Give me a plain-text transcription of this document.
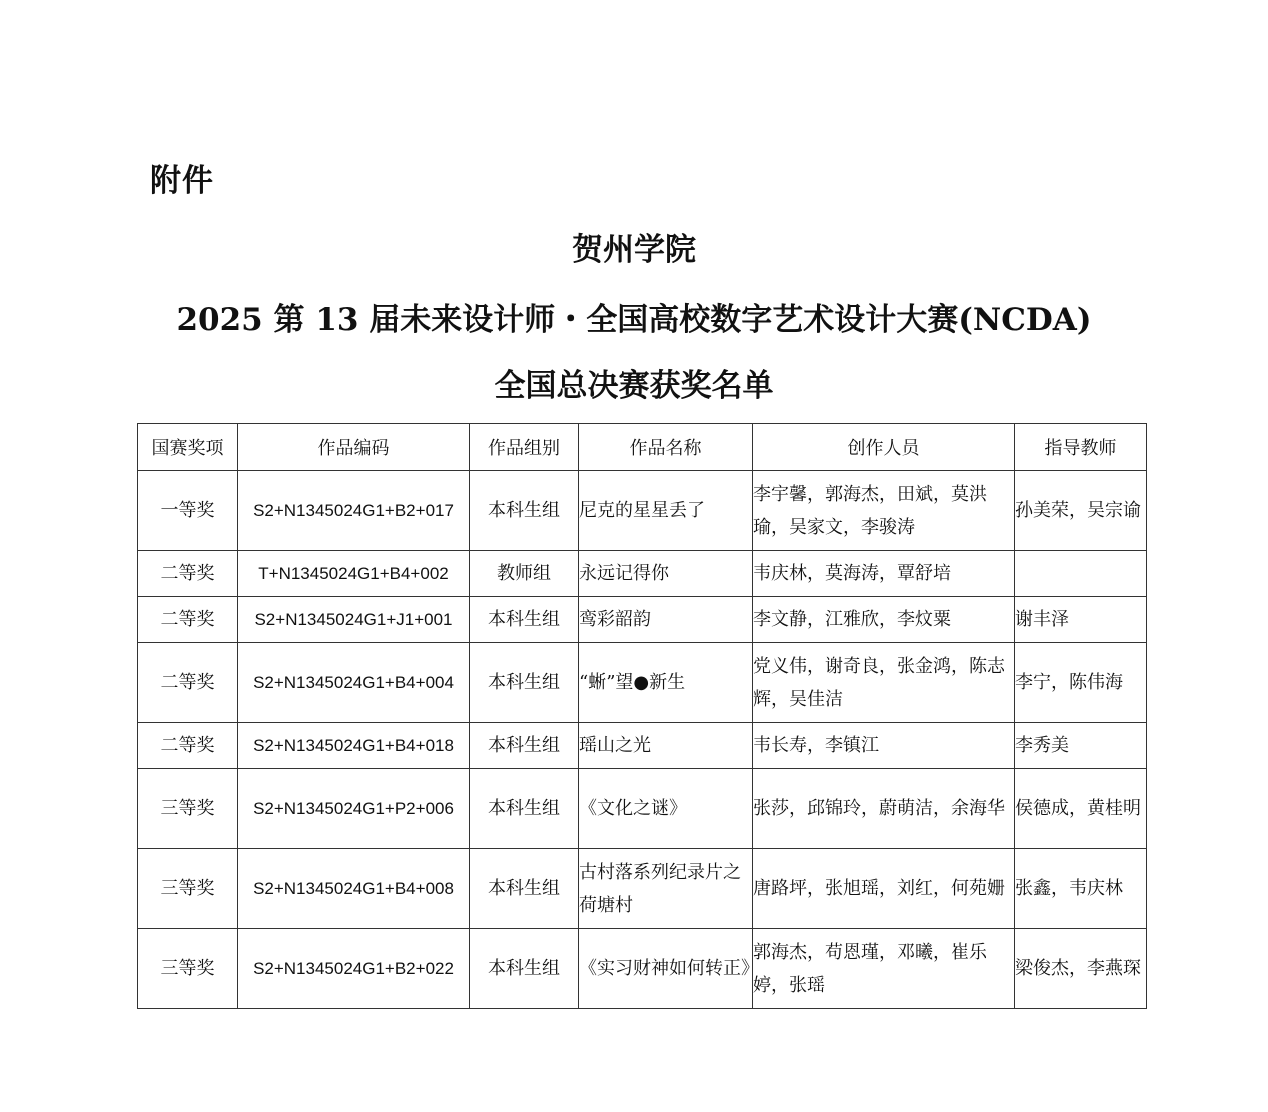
附件
贺州学院
2025 第 13 届未来设计师・全国高校数字艺术设计大赛(NCDA)
全国总决赛获奖名单
国赛奖项	作品编码	作品组别	作品名称	创作人员	指导教师
一等奖	S2+N1345024G1+B2+017	本科生组	尼克的星星丢了	李宇馨，郭海杰，田斌，莫洪瑜，吴家文，李骏涛	孙美荣，吴宗谕
二等奖	T+N1345024G1+B4+002	教师组	永远记得你	韦庆林，莫海涛，覃舒培	
二等奖	S2+N1345024G1+J1+001	本科生组	鸾彩韶韵	李文静，江雅欣，李炆粟	谢丰泽
二等奖	S2+N1345024G1+B4+004	本科生组	“蜥”望●新生	党义伟，谢奇良，张金鸿，陈志辉，吴佳洁	李宁，陈伟海
二等奖	S2+N1345024G1+B4+018	本科生组	瑶山之光	韦长寿，李镇江	李秀美
三等奖	S2+N1345024G1+P2+006	本科生组	《文化之谜》	张莎，邱锦玲，蔚萌洁，余海华	侯德成，黄桂明
三等奖	S2+N1345024G1+B4+008	本科生组	古村落系列纪录片之荷塘村	唐路坪，张旭瑶，刘红，何苑姗	张鑫，韦庆林
三等奖	S2+N1345024G1+B2+022	本科生组	《实习财神如何转正》	郭海杰，苟恩瑾，邓曦，崔乐婷，张瑶	梁俊杰，李燕琛
